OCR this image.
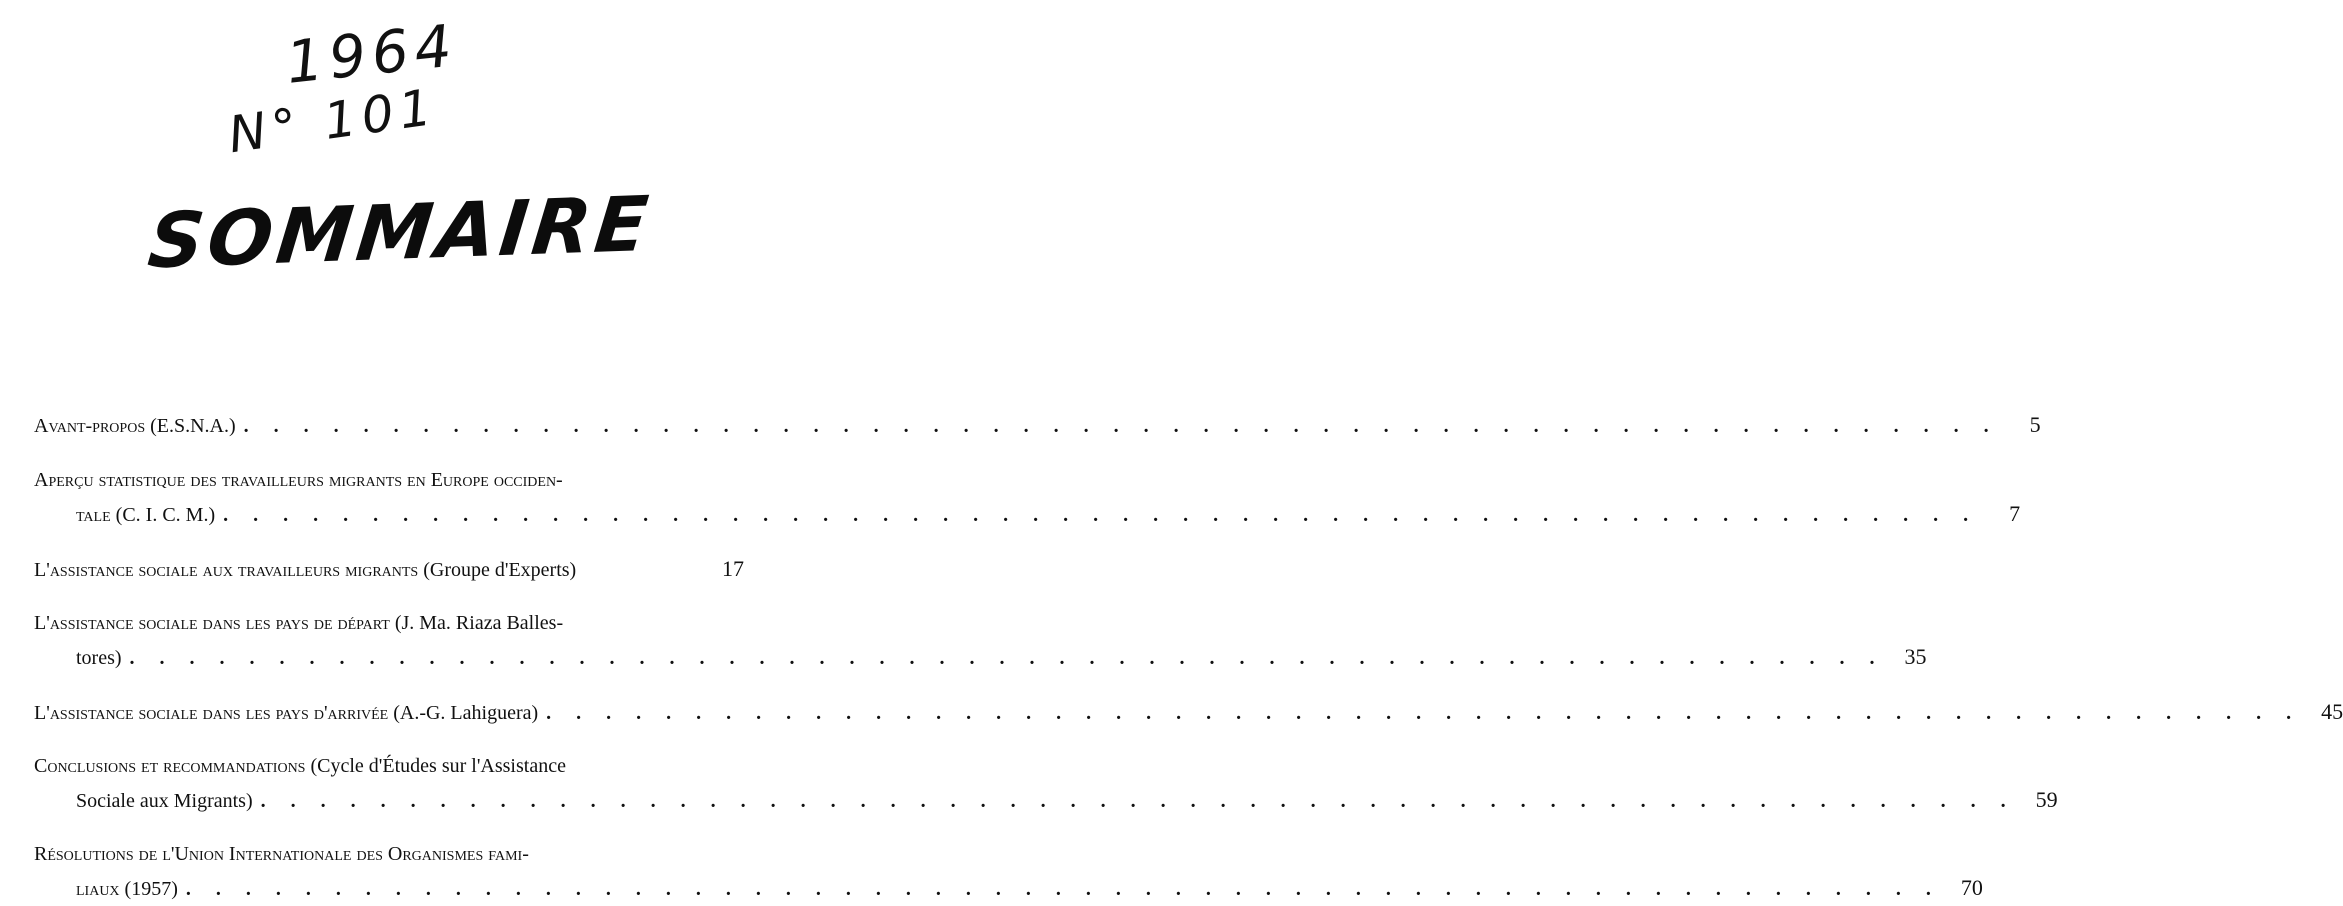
1964
N° 101
SOMMAIRE
Avant-propos (E.S.N.A.) . . .	5
Aperçu statistique des travailleurs migrants en Europe occiden-
tale (C. I. C. M.) . . .	7
L'assistance sociale aux travailleurs migrants (Groupe d'Experts)	17
L'assistance sociale dans les pays de départ (J. Ma. Riaza Balles-
tores) . . .	35
L'assistance sociale dans les pays d'arrivée (A.-G. Lahiguera) . . .	45
Conclusions et recommandations (Cycle d'Études sur l'Assistance
Sociale aux Migrants) . . .	59
Résolutions de l'Union Internationale des Organismes fami-
liaux (1957) . . .	70
